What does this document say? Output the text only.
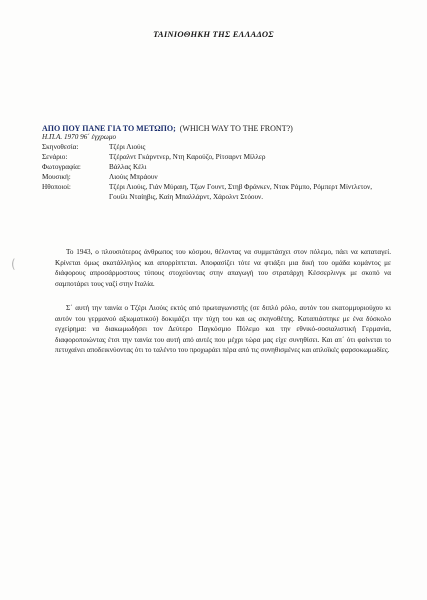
ΤΑΙΝΙΟΘΗΚΗ ΤΗΣ ΕΛΛΑΔΟΣ
ΑΠΟ ΠΟΥ ΠΑΝΕ ΓΙΑ ΤΟ ΜΕΤΩΠΟ; (WHICH WAY TO THE FRONT?)
Η.Π.Α. 1970 96΄ έγχρωμο
Σκηνοθεσία:	Τζέρι Λιούις
Σενάριο:	Τζέραλντ Γκάρντνερ, Ντη Καρούζο, Ρίτσαρντ Μίλλερ
Φωτογραφία:	Βάλλας Κέλι
Μουσική:	Λιούις Μπράουν
Ηθοποιοί:	Τζέρι Λιούις, Γιάν Μύραιη, Τζων Γουντ, Στηβ Φράνκεν, Ντακ Ράμπο, Ρόμπερτ Μίντλετον, Γουίλι Νταίηβις, Καίη Μπαλλάρντ, Χάρολντ Στόουν.
(

Το 1943, ο πλουσιότερος άνθρωπος του κόσμου, θέλοντας να συμμετάσχει στον πόλεμο, πάει να καταταγεί. Κρίνεται όμως ακατάλληλος και απορρίπτεται. Αποφασίζει τότε να φτιάξει μια δική του ομάδα κομάντος με διάφορους απροσάρμοστους τύπους στοχεύοντας στην απαγωγή του στρατάρχη Κέσσερλινγκ με σκοπό να σαμποτάρει τους ναζί στην Ιταλία.

Σ΄ αυτή την ταινία ο Τζέρι Λιούις εκτός από πρωταγωνιστής (σε διπλό ρόλο, αυτόν του εκατομμυριούχου κι αυτόν του γερμανού αξιωματικού) δοκιμάζει την τύχη του και ως σκηνοθέτης. Καταπιάστηκε με ένα δύσκολο εγχείρημα: να διακωμωδήσει τον Δεύτερο Παγκόσμιο Πόλεμο και την εθνικό-σοσιαλιστική Γερμανία, διαφοροποιώντας έτσι την ταινία του αυτή από αυτές που μέχρι τώρα μας είχε συνηθίσει. Και απ΄ ότι φαίνεται το πετυχαίνει αποδεικνύοντας ότι το ταλέντο του προχωράει πέρα από τις συνηθισμένες και απλοϊκές φαρσοκωμωδίες.
